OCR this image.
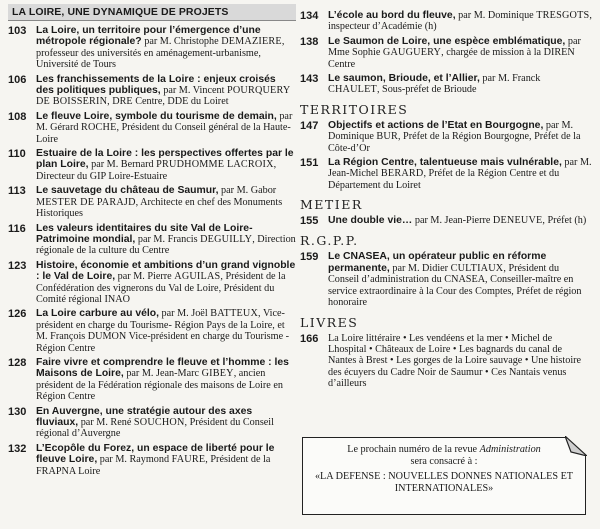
LA LOIRE, UNE DYNAMIQUE DE PROJETS
103 La Loire, un territoire pour l’émergence d’une métropole régionale? par M. Christophe DEMAZIERE, professeur des universités en aménagement-urbanisme, Université de Tours
106 Les franchissements de la Loire : enjeux croisés des politiques publiques, par M. Vincent POURQUERY DE BOISSERIN, DRE Centre, DDE du Loiret
108 Le fleuve Loire, symbole du tourisme de demain, par M. Gérard ROCHE, Président du Conseil général de la Haute-Loire
110 Estuaire de la Loire : les perspectives offertes par le plan Loire, par M. Bernard PRUDHOMME LACROIX, Directeur du GIP Loire-Estuaire
113 Le sauvetage du château de Saumur, par M. Gabor MESTER DE PARAJD, Architecte en chef des Monuments Historiques
116 Les valeurs identitaires du site Val de Loire-Patrimoine mondial, par M. Francis DEGUILLY, Direction régionale de la culture du Centre
123 Histoire, économie et ambitions d’un grand vignoble : le Val de Loire, par M. Pierre AGUILAS, Président de la Confédération des vignerons du Val de Loire, Président du Comité régional INAO
126 La Loire carbure au vélo, par M. Joël BATTEUX, Vice-président en charge du Tourisme- Région Pays de la Loire, et M. François DUMON Vice-président en charge du Tourisme -Région Centre
128 Faire vivre et comprendre le fleuve et l’homme : les Maisons de Loire, par M. Jean-Marc GIBEY, ancien président de la Fédération régionale des maisons de Loire en Région Centre
130 En Auvergne, une stratégie autour des axes fluviaux, par M. René SOUCHON, Président du Conseil régional d’Auvergne
132 L’Ecopôle du Forez, un espace de liberté pour le fleuve Loire, par M. Raymond FAURE, Président de la FRAPNA Loire
134 L’école au bord du fleuve, par M. Dominique TRESGOTS, inspecteur d’Académie (h)
138 Le Saumon de Loire, une espèce emblématique, par Mme Sophie GAUGUERY, chargée de mission à la DIREN Centre
143 Le saumon, Brioude, et l’Allier, par M. Franck CHAULET, Sous-préfet de Brioude
TERRITOIRES
147 Objectifs et actions de l’Etat en Bourgogne, par M. Dominique BUR, Préfet de la Région Bourgogne, Préfet de la Côte-d’Or
151 La Région Centre, talentueuse mais vulnérable, par M. Jean-Michel BERARD, Préfet de la Région Centre et du Département du Loiret
METIER
155 Une double vie… par M. Jean-Pierre DENEUVE, Préfet (h)
R.G.P.P.
159 Le CNASEA, un opérateur public en réforme permanente, par M. Didier CULTIAUX, Président du Conseil d’administration du CNASEA, Conseiller-maître en service extraordinaire à la Cour des Comptes, Préfet de région honoraire
LIVRES
166 La Loire littéraire • Les vendéens et la mer • Michel de Lhospital • Châteaux de Loire • Les bagnards du canal de Nantes à Brest • Les gorges de la Loire sauvage • Une histoire des écuyers du Cadre Noir de Saumur • Ces Nantais venus d’ailleurs
Le prochain numéro de la revue Administration
sera consacré à :
«LA DEFENSE : NOUVELLES DONNES NATIONALES ET INTERNATIONALES»
